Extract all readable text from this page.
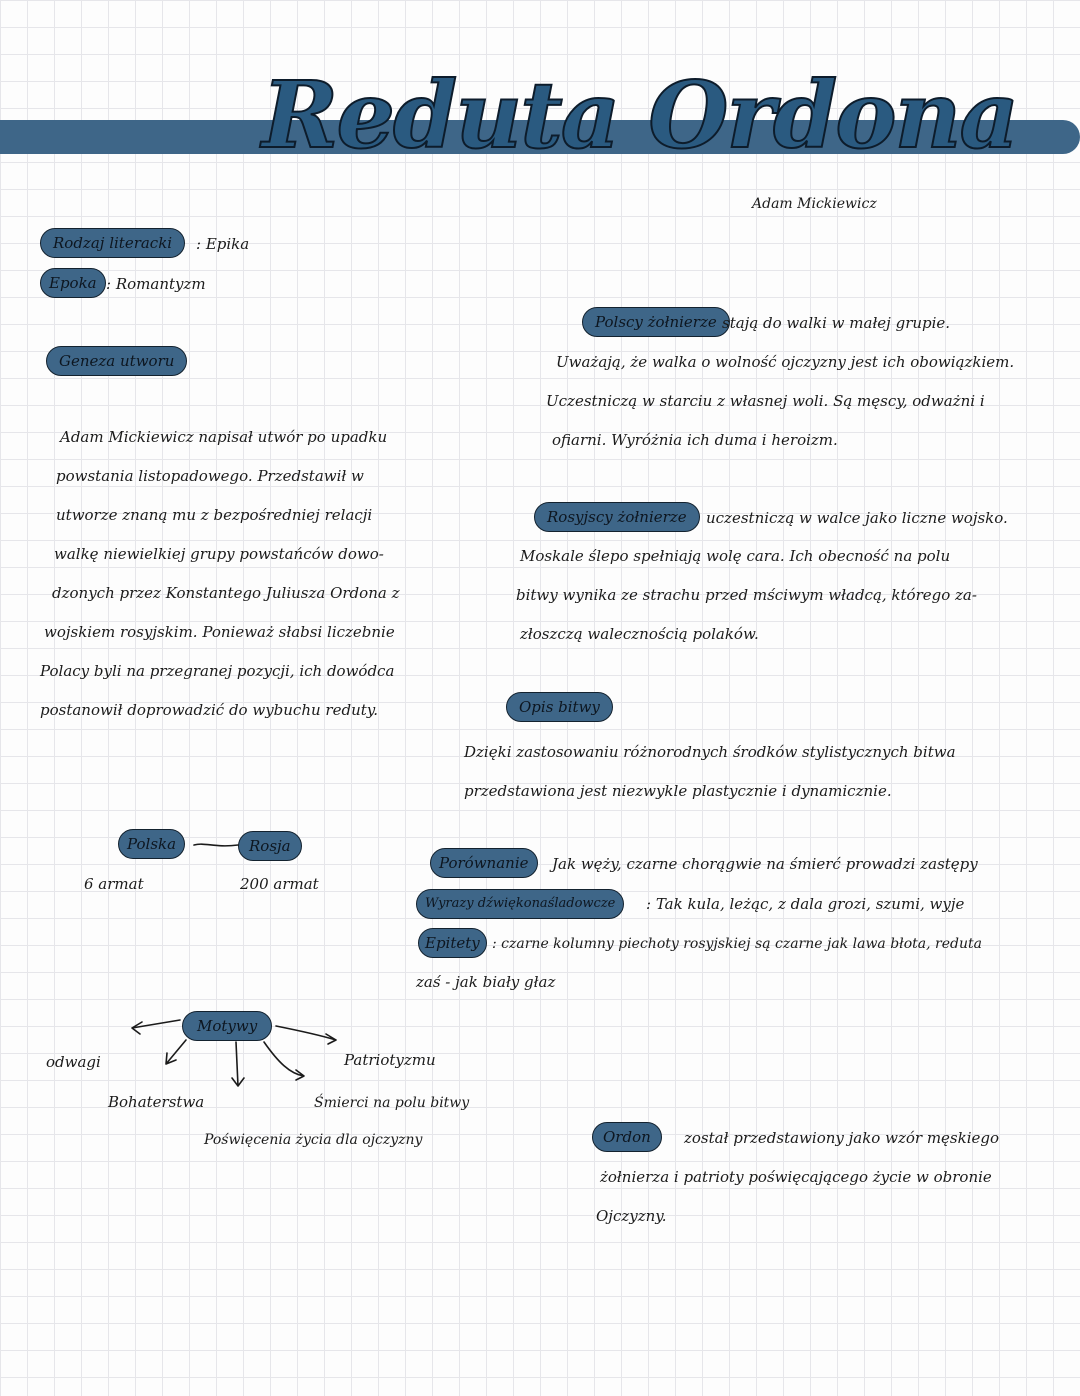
Reduta Ordona
Adam Mickiewicz
Rodzaj literacki	: Epika
Epoka : Romantyzm
Geneza utworu
Adam Mickiewicz napisał utwór po upadku
powstania listopadowego. Przedstawił w
utworze znaną mu z bezpośredniej relacji
walkę niewielkiej grupy powstańców dowo-
dzonych przez Konstantego Juliusza Ordona z
wojskiem rosyjskim. Ponieważ słabsi liczebnie
Polacy byli na przegranej pozycji, ich dowódca
postanowił doprowadzić do wybuchu reduty.
Polscy żołnierze stają do walki w małej grupie.
Uważają, że walka o wolność ojczyzny jest ich obowiązkiem.
Uczestniczą w starciu z własnej woli. Są męscy, odważni i
ofiarni. Wyróżnia ich duma i heroizm.
Rosyjscy żołnierze	uczestniczą w walce jako liczne wojsko.
Moskale ślepo spełniają wolę cara. Ich obecność na polu
bitwy wynika ze strachu przed mściwym władcą, którego za-
złoszczą walecznością polaków.
Opis bitwy
Dzięki zastosowaniu różnorodnych środków stylistycznych bitwa
przedstawiona jest niezwykle plastycznie i dynamicznie.
Porównanie	Jak węży, czarne chorągwie na śmierć prowadzi zastępy
Wyrazy dźwiękonaśladowcze	: Tak kula, leżąc, z dala grozi, szumi, wyje
Epitety : czarne kolumny piechoty rosyjskiej są czarne jak lawa błota, reduta
zaś - jak biały głaz
Polska	Rosja
6 armat	200 armat
Motywy
odwagi
Bohaterstwa
Poświęcenia życia dla ojczyzny
Śmierci na polu bitwy
Patriotyzmu
Ordon	został przedstawiony jako wzór męskiego
żołnierza i patrioty poświęcającego życie w obronie
Ojczyzny.
